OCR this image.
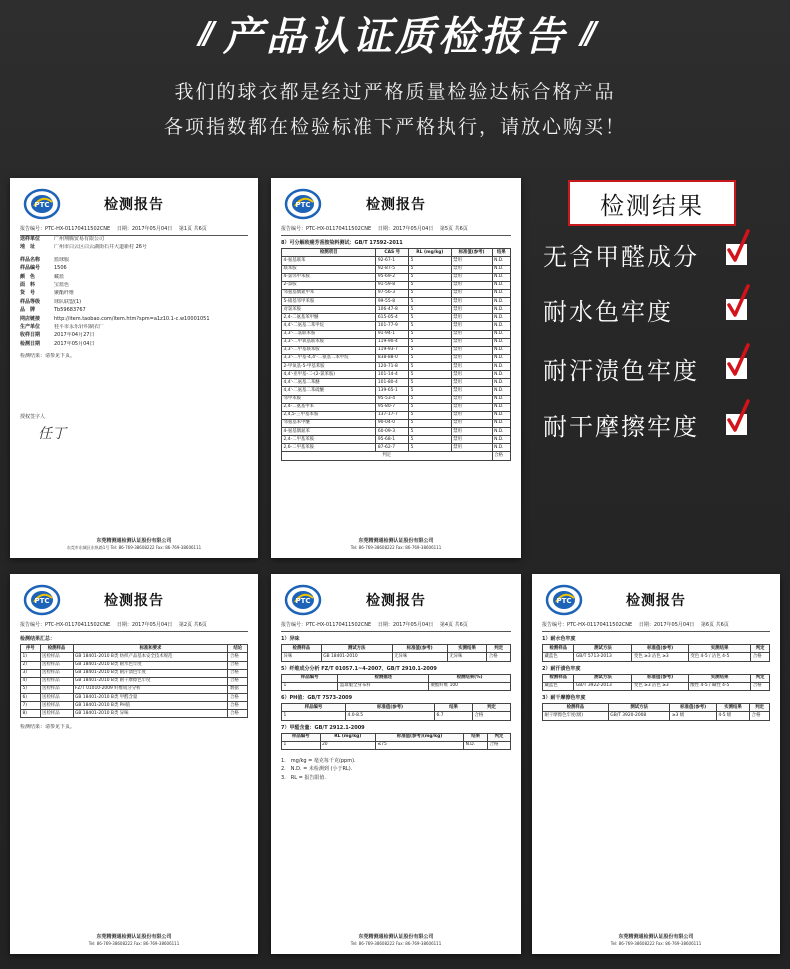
// 产品认证质检报告 //
我们的球衣都是经过严格质量检验达标合格产品
各项指数都在检验标准下严格执行，请放心购买！
PTC	检测报告
报告编号：PTC-HX-01170411502CNE 　 日期：2017年05月04日 　 第1页 共6页
送样单位	广州翔腾贸易有限公司
地　址	广州市白云区白云湖街石井大道新村 26号
样品名称	篮球服
样品编号	1506
颜　色	藏蓝
面　料	宝蓝色
货　号	聚酯纤维
样品等级	球队联盟(1)
品　牌	Tb59683767
网店链接	http://item.taobao.com/item.htm?spm=a1z10.1-c.w10001051
生产单位	桂平市永乐针织制衣厂
收样日期	2017年04月27日
检测日期	2017年05月04日
检测结果：请参见下页。
授权签字人
任丁
东莞精测通检测认证股份有限公司
东莞市东城区东纵路1号 Tel: 86-769-38608222 Fax: 86-769-38606111
PTC	检测报告
报告编号：PTC-HX-01170411502CNE 　 日期：2017年05月04日 　 第5页 共6页
8）可分解致癌芳香胺染料测试：GB/T 17592-2011
检测项目	CAS 号	RL (mg/kg)	标准值(参考)	结果
4-氨基联苯	92-67-1	5	禁用	N.D.
联苯胺	92-87-5	5	禁用	N.D.
4-氯邻甲苯胺	95-69-2	5	禁用	N.D.
2-萘胺	91-59-8	5	禁用	N.D.
邻氨基偶氮甲苯	97-56-3	5	禁用	N.D.
5-硝基邻甲苯胺	99-55-8	5	禁用	N.D.
对氯苯胺	106-47-8	5	禁用	N.D.
2,4-二氨基苯甲醚	615-05-4	5	禁用	N.D.
4,4'-二氨基二苯甲烷	101-77-9	5	禁用	N.D.
3,3'-二氯联苯胺	91-94-1	5	禁用	N.D.
3,3'-二甲氧基联苯胺	119-90-4	5	禁用	N.D.
3,3'-二甲基联苯胺	119-93-7	5	禁用	N.D.
3,3'-二甲基-4,4'-二氨基二苯甲烷	838-88-0	5	禁用	N.D.
2-甲氧基-5-甲基苯胺	120-71-8	5	禁用	N.D.
4,4'-亚甲基-二-(2-氯苯胺)	101-14-4	5	禁用	N.D.
4,4'-二氨基二苯醚	101-80-4	5	禁用	N.D.
4,4'-二氨基二苯硫醚	139-65-1	5	禁用	N.D.
邻甲苯胺	95-53-4	5	禁用	N.D.
2,4-二氨基甲苯	95-80-7	5	禁用	N.D.
2,4,5-三甲基苯胺	137-17-7	5	禁用	N.D.
邻氨基苯甲醚	90-04-0	5	禁用	N.D.
4-氨基偶氮苯	60-09-3	5	禁用	N.D.
2,4-二甲基苯胺	95-68-1	5	禁用	N.D.
2,6-二甲基苯胺	87-62-7	5	禁用	N.D.
判定				合格
东莞精测通检测认证股份有限公司
Tel: 86-769-38608222 Fax: 86-769-38606111
检测结果
无含甲醛成分
耐水色牢度
耐汗渍色牢度
耐干摩擦牢度
PTC	检测报告
报告编号：PTC-HX-01170411502CNE 　 日期：2017年05月04日 　 第2页 共6页
检测结果汇总：
序号	检测样品	标准和要求	结论
1)	送检样品	GB 18401-2010 B类 纺织产品基本安全技术规范	合格
2)	送检样品	GB 18401-2010 B类 耐水色牢度	合格
3)	送检样品	GB 18401-2010 B类 耐汗渍色牢度	合格
4)	送检样品	GB 18401-2010 B类 耐干摩擦色牢度	合格
5)	送检样品	FZ/T 01010-2009 纤维成分分析	数据
6)	送检样品	GB 18401-2010 B类 甲醛含量	合格
7)	送检样品	GB 18401-2010 B类 PH值	合格
8)	送检样品	GB 18401-2010 B类 异味	合格
检测结果：请参见下页。
东莞精测通检测认证股份有限公司
Tel: 86-769-38608222 Fax: 86-769-38606111
PTC	检测报告
报告编号：PTC-HX-01170411502CNE 　 日期：2017年05月04日 　 第4页 共6页
1）异味
检测样品	测试方法	标准值(参考)	实测结果	判定
异味	GB 18401-2010	无异味	无异味	合格
5）纤维成分分析 FZ/T 01057.1~4-2007、GB/T 2910.1-2009
样品编号	检测描述	检测结果(%)
1	篮球服全身布料	聚酯纤维 100
6）PH值：GB/T 7573-2009
样品编号	标准值(参考)	结果	判定
1	4.0-8.5	6.7	合格
7）甲醛含量：GB/T 2912.1-2009
样品编号	RL (mg/kg)	标准值(参考)(mg/kg)	结果	判定
1	20	≤75	N.D.	合格
1.　mg/kg = 毫克每千克(ppm).
2.　N.D. = 未检测到 (小于RL).
3.　RL = 报告限值.
东莞精测通检测认证股份有限公司
Tel: 86-769-38608222 Fax: 86-769-38606111
PTC	检测报告
报告编号：PTC-HX-01170411502CNE 　 日期：2017年05月04日 　 第6页 共6页
1）耐水色牢度
检测样品	测试方法	标准值(参考)	实测结果	判定
藏蓝色	GB/T 5713-2013	变色 ≥3 沾色 ≥3	变色 4-5 / 沾色 4-5	合格
2）耐汗渍色牢度
检测样品	测试方法	标准值(参考)	实测结果	判定
藏蓝色	GB/T 3922-2013	变色 ≥3 沾色 ≥3	酸性 4-5 / 碱性 4-5	合格
3）耐干摩擦色牢度
检测样品	测试方法	标准值(参考)	实测结果	判定
耐干摩擦色牢度(级)	GB/T 3920-2008	≥3 级	4-5 级	合格
东莞精测通检测认证股份有限公司
Tel: 86-769-38608222 Fax: 86-769-38606111
